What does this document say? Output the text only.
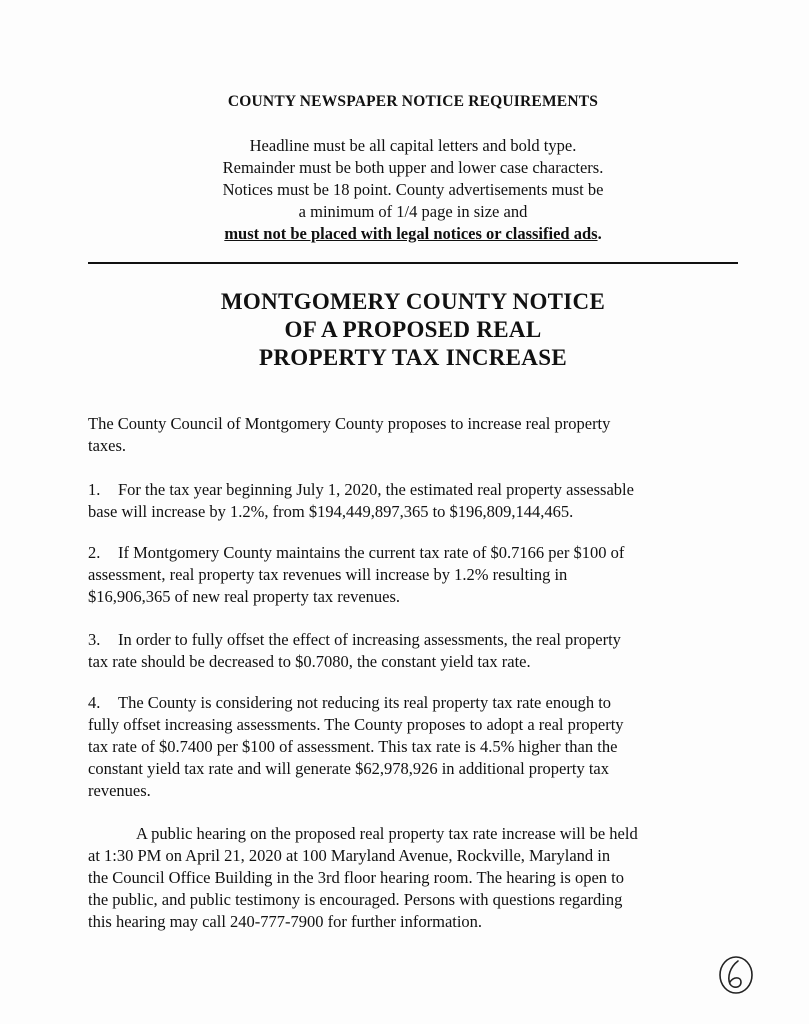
COUNTY NEWSPAPER NOTICE REQUIREMENTS
Headline must be all capital letters and bold type.
Remainder must be both upper and lower case characters.
Notices must be 18 point. County advertisements must be
a minimum of 1/4 page in size and
must not be placed with legal notices or classified ads.
MONTGOMERY COUNTY NOTICE
OF A PROPOSED REAL
PROPERTY TAX INCREASE
The County Council of Montgomery County proposes to increase real property
taxes.
1. For the tax year beginning July 1, 2020, the estimated real property assessable
base will increase by 1.2%, from $194,449,897,365 to $196,809,144,465.
2. If Montgomery County maintains the current tax rate of $0.7166 per $100 of
assessment, real property tax revenues will increase by 1.2% resulting in
$16,906,365 of new real property tax revenues.
3. In order to fully offset the effect of increasing assessments, the real property
tax rate should be decreased to $0.7080, the constant yield tax rate.
4. The County is considering not reducing its real property tax rate enough to
fully offset increasing assessments. The County proposes to adopt a real property
tax rate of $0.7400 per $100 of assessment. This tax rate is 4.5% higher than the
constant yield tax rate and will generate $62,978,926 in additional property tax
revenues.
A public hearing on the proposed real property tax rate increase will be held
at 1:30 PM on April 21, 2020 at 100 Maryland Avenue, Rockville, Maryland in
the Council Office Building in the 3rd floor hearing room. The hearing is open to
the public, and public testimony is encouraged. Persons with questions regarding
this hearing may call 240-777-7900 for further information.
